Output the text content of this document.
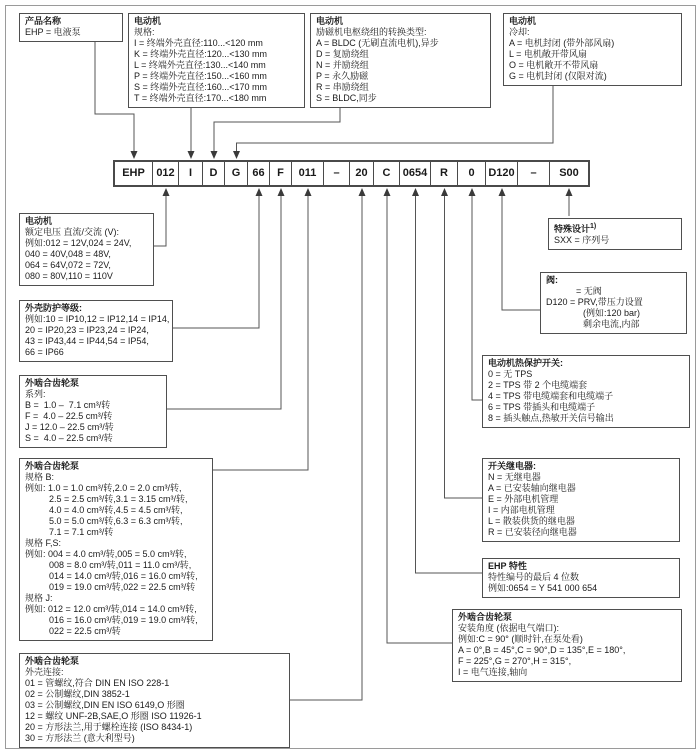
EHP	012	I	D	G	66	F	011	–	20	C	0654	R	0	D120	–	S00
产品名称
EHP = 电液泵
电动机
规格:
I = 终端外壳直径:110...<120 mm
K = 终端外壳直径:120...<130 mm
L = 终端外壳直径:130...<140 mm
P = 终端外壳直径:150...<160 mm
S = 终端外壳直径:160...<170 mm
T = 终端外壳直径:170...<180 mm
电动机
励磁机电枢绕组的转换类型:
A = BLDC (无刷直流电机),异步
D = 复励绕组
N = 并励绕组
P = 永久励磁
R = 串励绕组
S = BLDC,同步
电动机
冷却:
A = 电机封闭 (带外部风扇)
L = 电机敞开带风扇
O = 电机敞开不带风扇
G = 电机封闭 (仅限对流)
电动机
额定电压 直流/交流 (V):
例如:012 = 12V,024 = 24V,
040 = 40V,048 = 48V,
064 = 64V,072 = 72V,
080 = 80V,110 = 110V
外壳防护等级:
例如:10 = IP10,12 = IP12,14 = IP14,
20 = IP20,23 = IP23,24 = IP24,
43 = IP43,44 = IP44,54 = IP54,
66 = IP66
外啮合齿轮泵
系列:
B =  1.0 –  7.1 cm³/转
F =  4.0 – 22.5 cm³/转
J = 12.0 – 22.5 cm³/转
S =  4.0 – 22.5 cm³/转
外啮合齿轮泵
规格 B:
例如: 1.0 = 1.0 cm³/转,2.0 = 2.0 cm³/转,
2.5 = 2.5 cm³/转,3.1 = 3.15 cm³/转,
4.0 = 4.0 cm³/转,4.5 = 4.5 cm³/转,
5.0 = 5.0 cm³/转,6.3 = 6.3 cm³/转,
7.1 = 7.1 cm³/转
规格 F,S:
例如: 004 = 4.0 cm³/转,005 = 5.0 cm³/转,
008 = 8.0 cm³/转,011 = 11.0 cm³/转,
014 = 14.0 cm³/转,016 = 16.0 cm³/转,
019 = 19.0 cm³/转,022 = 22.5 cm³/转
规格 J:
例如: 012 = 12.0 cm³/转,014 = 14.0 cm³/转,
016 = 16.0 cm³/转,019 = 19.0 cm³/转,
022 = 22.5 cm³/转
外啮合齿轮泵
外壳连接:
01 = 管螺纹,符合 DIN EN ISO 228-1
02 = 公制螺纹,DIN 3852-1
03 = 公制螺纹,DIN EN ISO 6149,O 形圈
12 = 螺纹 UNF-2B,SAE,O 形圈 ISO 11926-1
20 = 方形法兰,用于螺栓连接 (ISO 8434-1)
30 = 方形法兰 (意大利型号)
特殊设计$^{1)}$
SXX = 序列号
阀:
= 无阀
D120 = PRV,带压力设置
(例如:120 bar)
剩余电流,内部
电动机热保护开关:
0 = 无 TPS
2 = TPS 带 2 个电缆端套
4 = TPS 带电缆端套和电缆端子
6 = TPS 带插头和电缆端子
8 = 插头触点,热敏开关信号输出
开关继电器:
N = 无继电器
A = 已安装轴向继电器
E = 外部电机管理
I = 内部电机管理
L = 散装供货的继电器
R = 已安装径向继电器
EHP 特性
特性编号的最后 4 位数
例如:0654 = Y 541 000 654
外啮合齿轮泵
安装角度 (依据电气端口):
例如:C = 90° (顺时针,在泵处看)
A = 0°,B = 45°,C = 90°,D = 135°,E = 180°,
F = 225°,G = 270°,H = 315°,
I = 电气连接,轴向
